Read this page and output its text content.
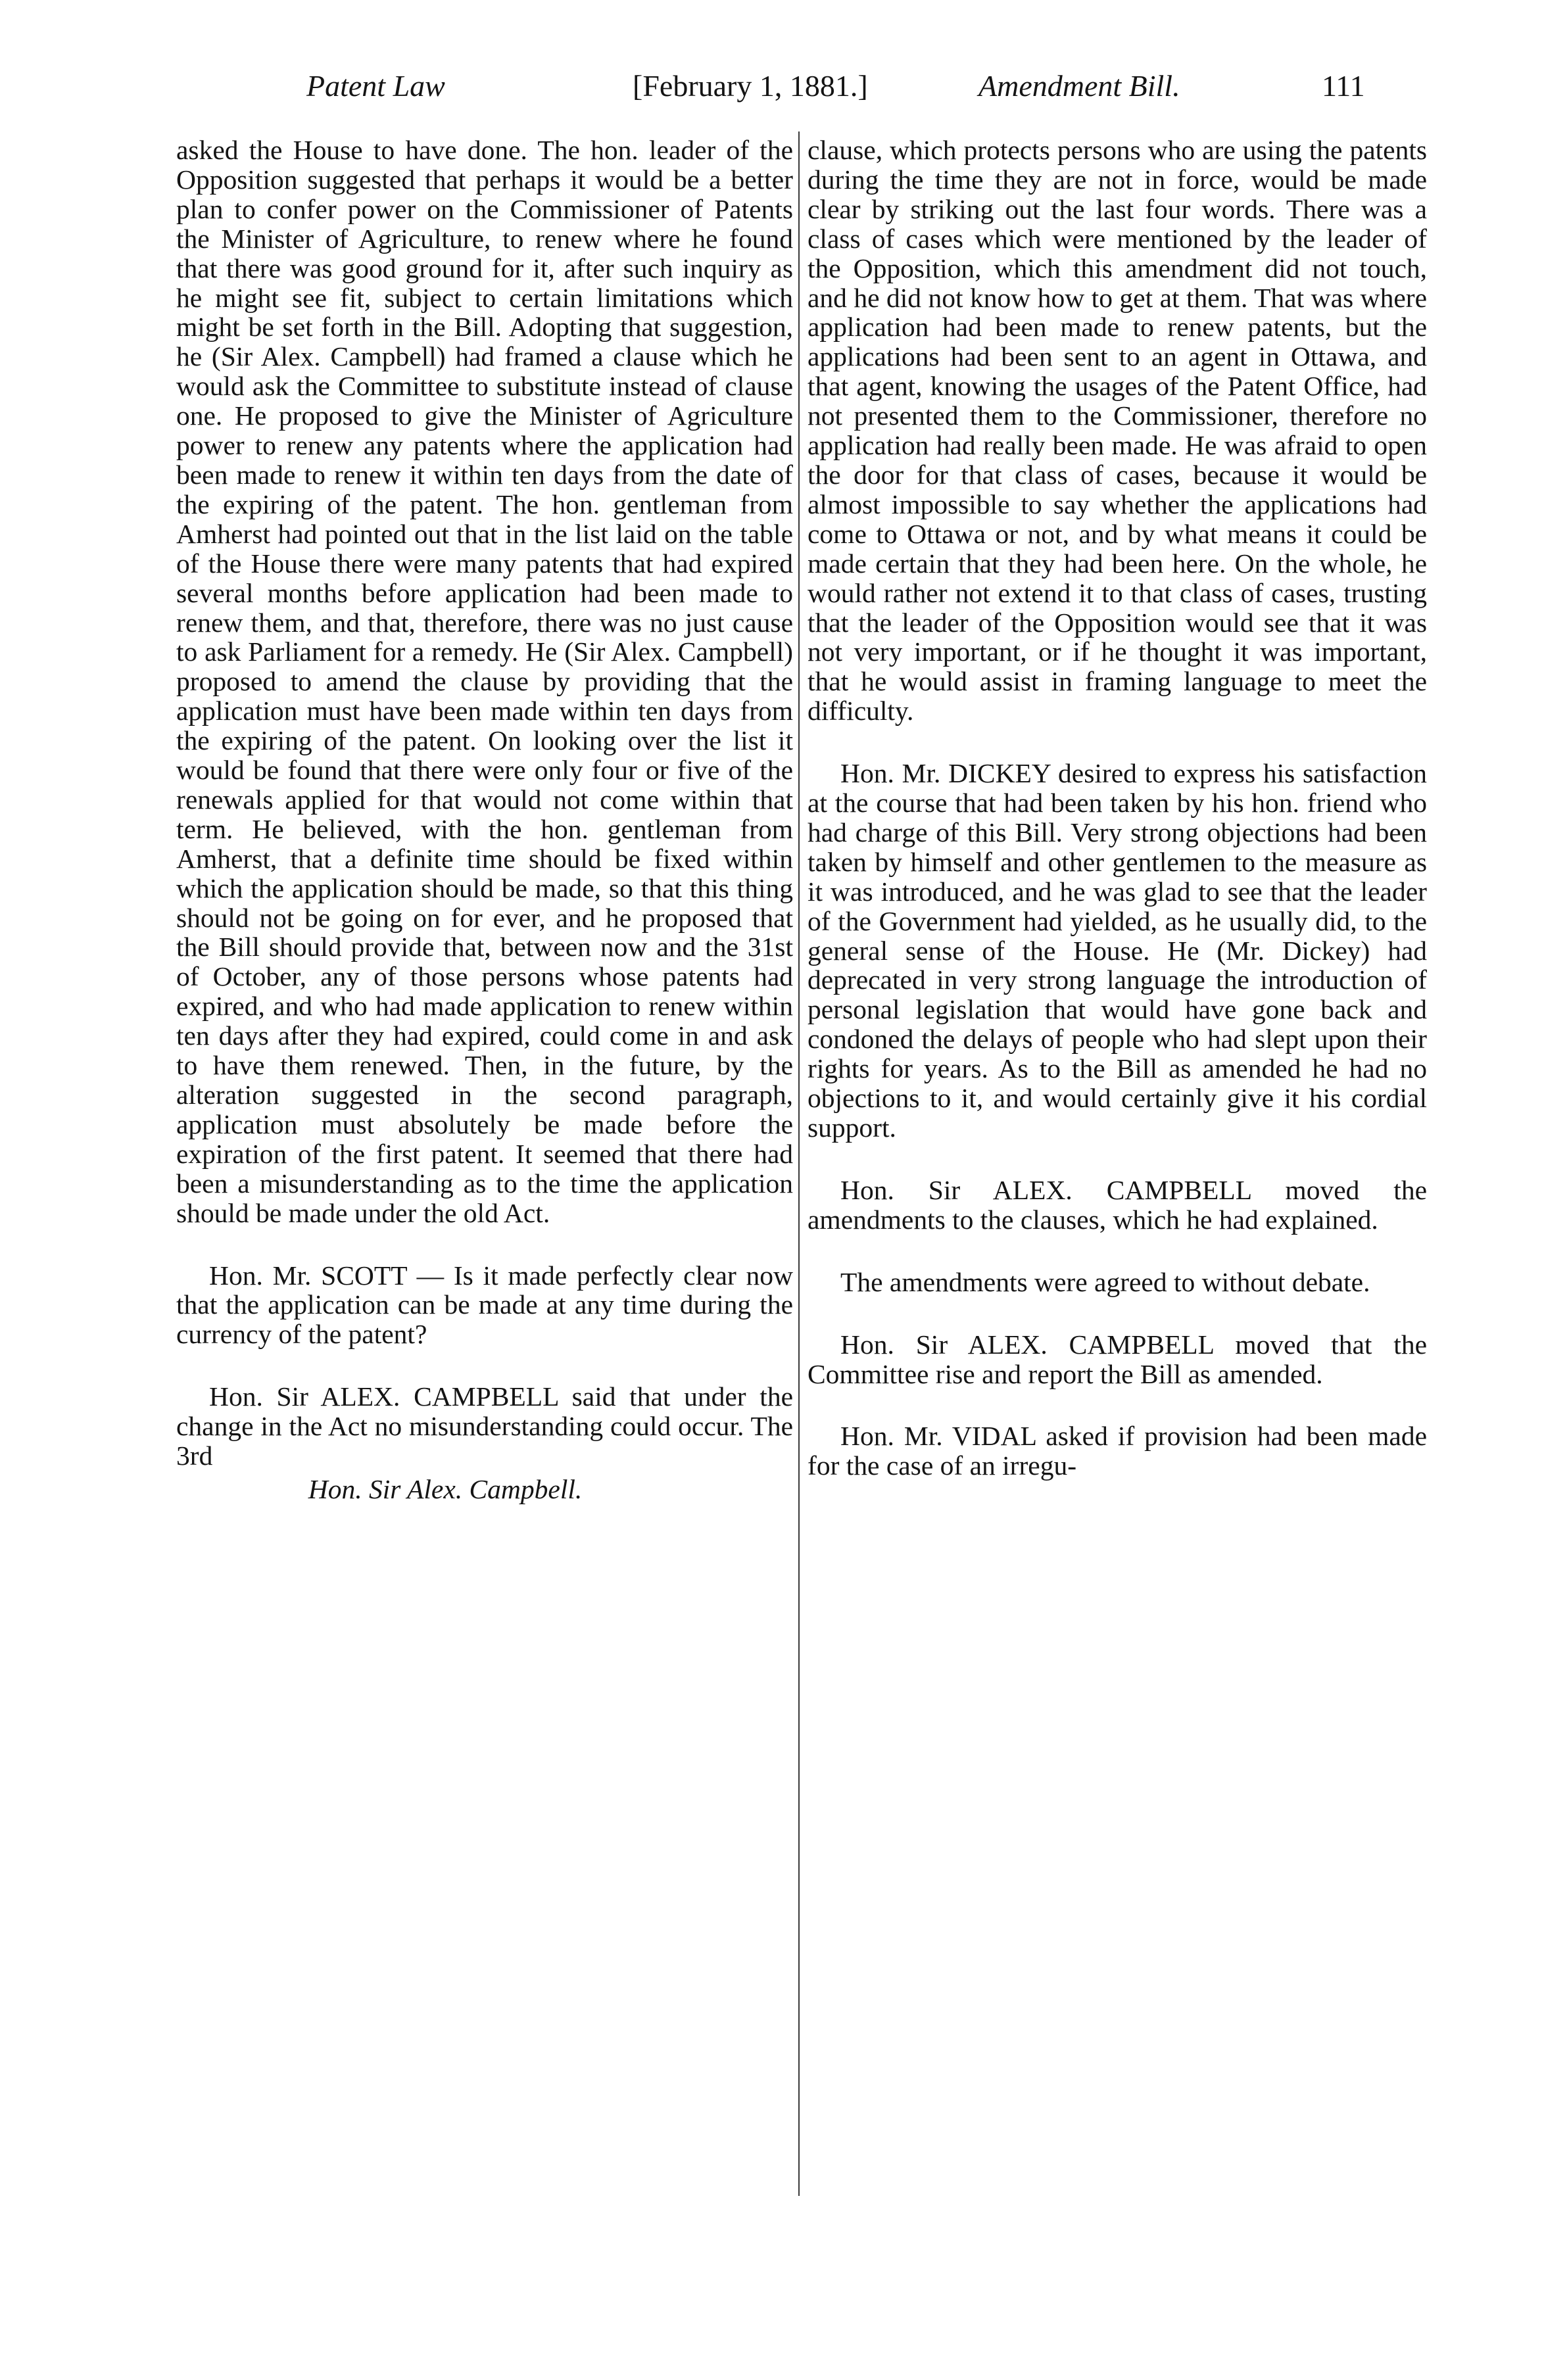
Patent Law	[February 1, 1881.]	Amendment Bill.	111

asked the House to have done. The hon. leader of the Opposition suggested that perhaps it would be a better plan to confer power on the Commissioner of Patents the Minister of Agriculture, to renew where he found that there was good ground for it, after such inquiry as he might see fit, subject to certain limitations which might be set forth in the Bill. Adopting that suggestion, he (Sir Alex. Campbell) had framed a clause which he would ask the Committee to substitute instead of clause one. He proposed to give the Minister of Agriculture power to renew any patents where the application had been made to renew it within ten days from the date of the expiring of the patent. The hon. gentleman from Amherst had pointed out that in the list laid on the table of the House there were many patents that had expired several months before application had been made to renew them, and that, therefore, there was no just cause to ask Parliament for a remedy. He (Sir Alex. Campbell) proposed to amend the clause by providing that the application must have been made within ten days from the expiring of the patent. On looking over the list it would be found that there were only four or five of the renewals applied for that would not come within that term. He believed, with the hon. gentleman from Amherst, that a definite time should be fixed within which the application should be made, so that this thing should not be going on for ever, and he proposed that the Bill should provide that, between now and the 31st of October, any of those persons whose patents had expired, and who had made application to renew within ten days after they had expired, could come in and ask to have them renewed. Then, in the future, by the alteration suggested in the second paragraph, application must absolutely be made before the expiration of the first patent. It seemed that there had been a misunderstanding as to the time the application should be made under the old Act.

Hon. Mr. SCOTT — Is it made perfectly clear now that the application can be made at any time during the currency of the patent?

Hon. Sir ALEX. CAMPBELL said that under the change in the Act no misunderstanding could occur. The 3rd

Hon. Sir Alex. Campbell.

clause, which protects persons who are using the patents during the time they are not in force, would be made clear by striking out the last four words. There was a class of cases which were mentioned by the leader of the Opposition, which this amendment did not touch, and he did not know how to get at them. That was where application had been made to renew patents, but the applications had been sent to an agent in Ottawa, and that agent, knowing the usages of the Patent Office, had not presented them to the Commissioner, therefore no application had really been made. He was afraid to open the door for that class of cases, because it would be almost impossible to say whether the applications had come to Ottawa or not, and by what means it could be made certain that they had been here. On the whole, he would rather not extend it to that class of cases, trusting that the leader of the Opposition would see that it was not very important, or if he thought it was important, that he would assist in framing language to meet the difficulty.

Hon. Mr. DICKEY desired to express his satisfaction at the course that had been taken by his hon. friend who had charge of this Bill. Very strong objections had been taken by himself and other gentlemen to the measure as it was introduced, and he was glad to see that the leader of the Government had yielded, as he usually did, to the general sense of the House. He (Mr. Dickey) had deprecated in very strong language the introduction of personal legislation that would have gone back and condoned the delays of people who had slept upon their rights for years. As to the Bill as amended he had no objections to it, and would certainly give it his cordial support.

Hon. Sir ALEX. CAMPBELL moved the amendments to the clauses, which he had explained.

The amendments were agreed to without debate.

Hon. Sir ALEX. CAMPBELL moved that the Committee rise and report the Bill as amended.

Hon. Mr. VIDAL asked if provision had been made for the case of an irregu-
